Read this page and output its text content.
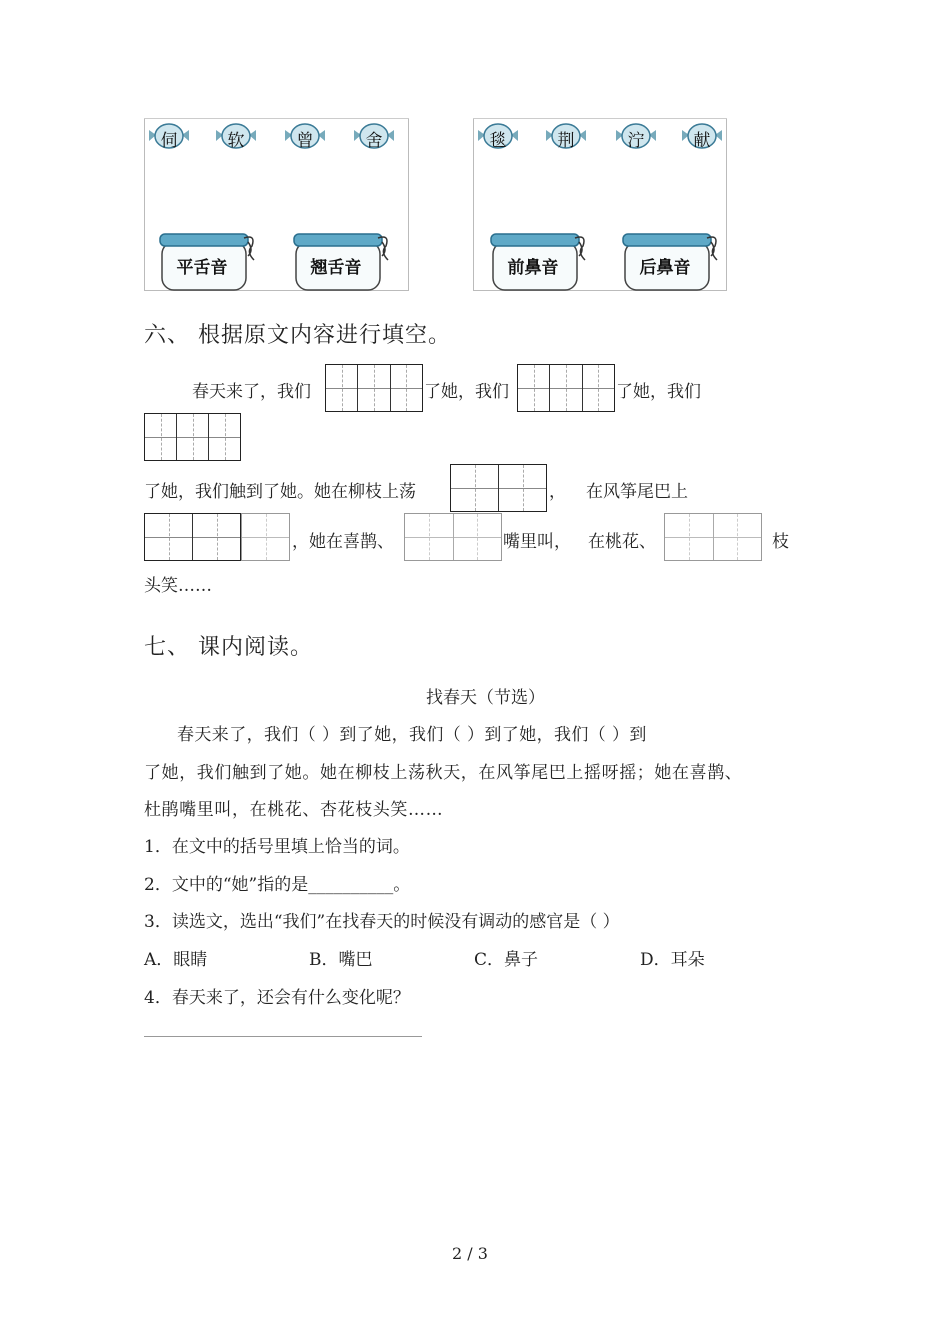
伺	软	曾	舍	毯	荆	泞	献
平舌音	翘舌音	前鼻音	后鼻音
六、 根据原文内容进行填空。
春天来了，我们	了她，我们	了她，我们
了她，我们触到了她。她在柳枝上荡	， 在风筝尾巴上
，她在喜鹊、	嘴里叫， 在桃花、	枝
头笑……
七、 课内阅读。
找春天（节选）
春天来了，我们（ ）到了她，我们（ ）到了她，我们（ ）到
了她，我们触到了她。她在柳枝上荡秋天，在风筝尾巴上摇呀摇；她在喜鹊、
杜鹃嘴里叫，在桃花、杏花枝头笑……
1．在文中的括号里填上恰当的词。
2．文中的“她”指的是__________。
3．读选文，选出“我们”在找春天的时候没有调动的感官是（ ）
A．眼睛	B．嘴巴	C．鼻子	D．耳朵
4．春天来了，还会有什么变化呢？
2 / 3
